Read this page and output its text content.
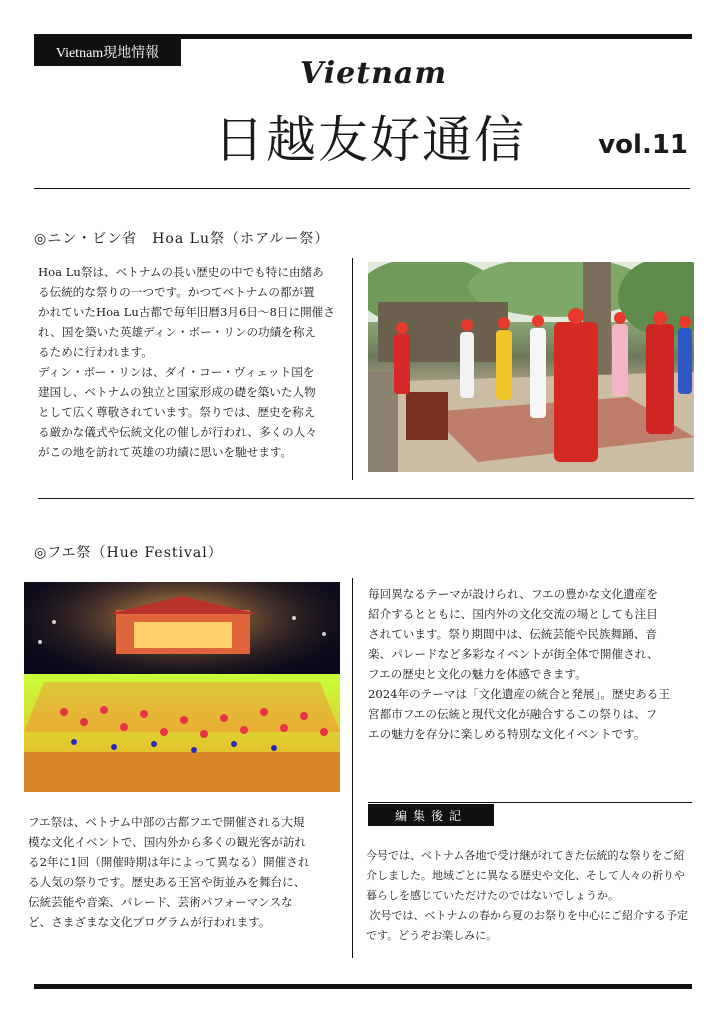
Vietnam現地情報
Vietnam
日越友好通信	vol.11
◎ニン・ビン省　Hoa Lu祭（ホアルー祭）

Hoa Lu祭は、ベトナムの長い歴史の中でも特に由緒あ

る伝統的な祭りの一つです。かつてベトナムの都が置

かれていたHoa Lu古都で毎年旧暦3月6日〜8日に開催さ

れ、国を築いた英雄ディン・ボー・リンの功績を称え

るために行われます。

ディン・ボー・リンは、ダイ・コー・ヴィェット国を

建国し、ベトナムの独立と国家形成の礎を築いた人物

として広く尊敬されています。祭りでは、歴史を称え

る厳かな儀式や伝統文化の催しが行われ、多くの人々

がこの地を訪れて英雄の功績に思いを馳せます。

◎フエ祭（Hue Festival）

フエ祭は、ベトナム中部の古都フエで開催される大規

模な文化イベントで、国内外から多くの観光客が訪れ

る2年に1回（開催時期は年によって異なる）開催され

る人気の祭りです。歴史ある王宮や街並みを舞台に、

伝統芸能や音楽、パレード、芸術パフォーマンスな

ど、さまざまな文化プログラムが行われます。

毎回異なるテーマが設けられ、フエの豊かな文化遺産を

紹介するとともに、国内外の文化交流の場としても注目

されています。祭り期間中は、伝統芸能や民族舞踊、音

楽、パレードなど多彩なイベントが街全体で開催され、

フエの歴史と文化の魅力を体感できます。

2024年のテーマは「文化遺産の統合と発展」。歴史ある王

宮都市フエの伝統と現代文化が融合するこの祭りは、フ

エの魅力を存分に楽しめる特別な文化イベントです。

編集後記

今号では、ベトナム各地で受け継がれてきた伝統的な祭りをご紹

介しました。地域ごとに異なる歴史や文化、そして人々の祈りや

暮らしを感じていただけたのではないでしょうか。

次号では、ベトナムの春から夏のお祭りを中心にご紹介する予定

です。どうぞお楽しみに。
